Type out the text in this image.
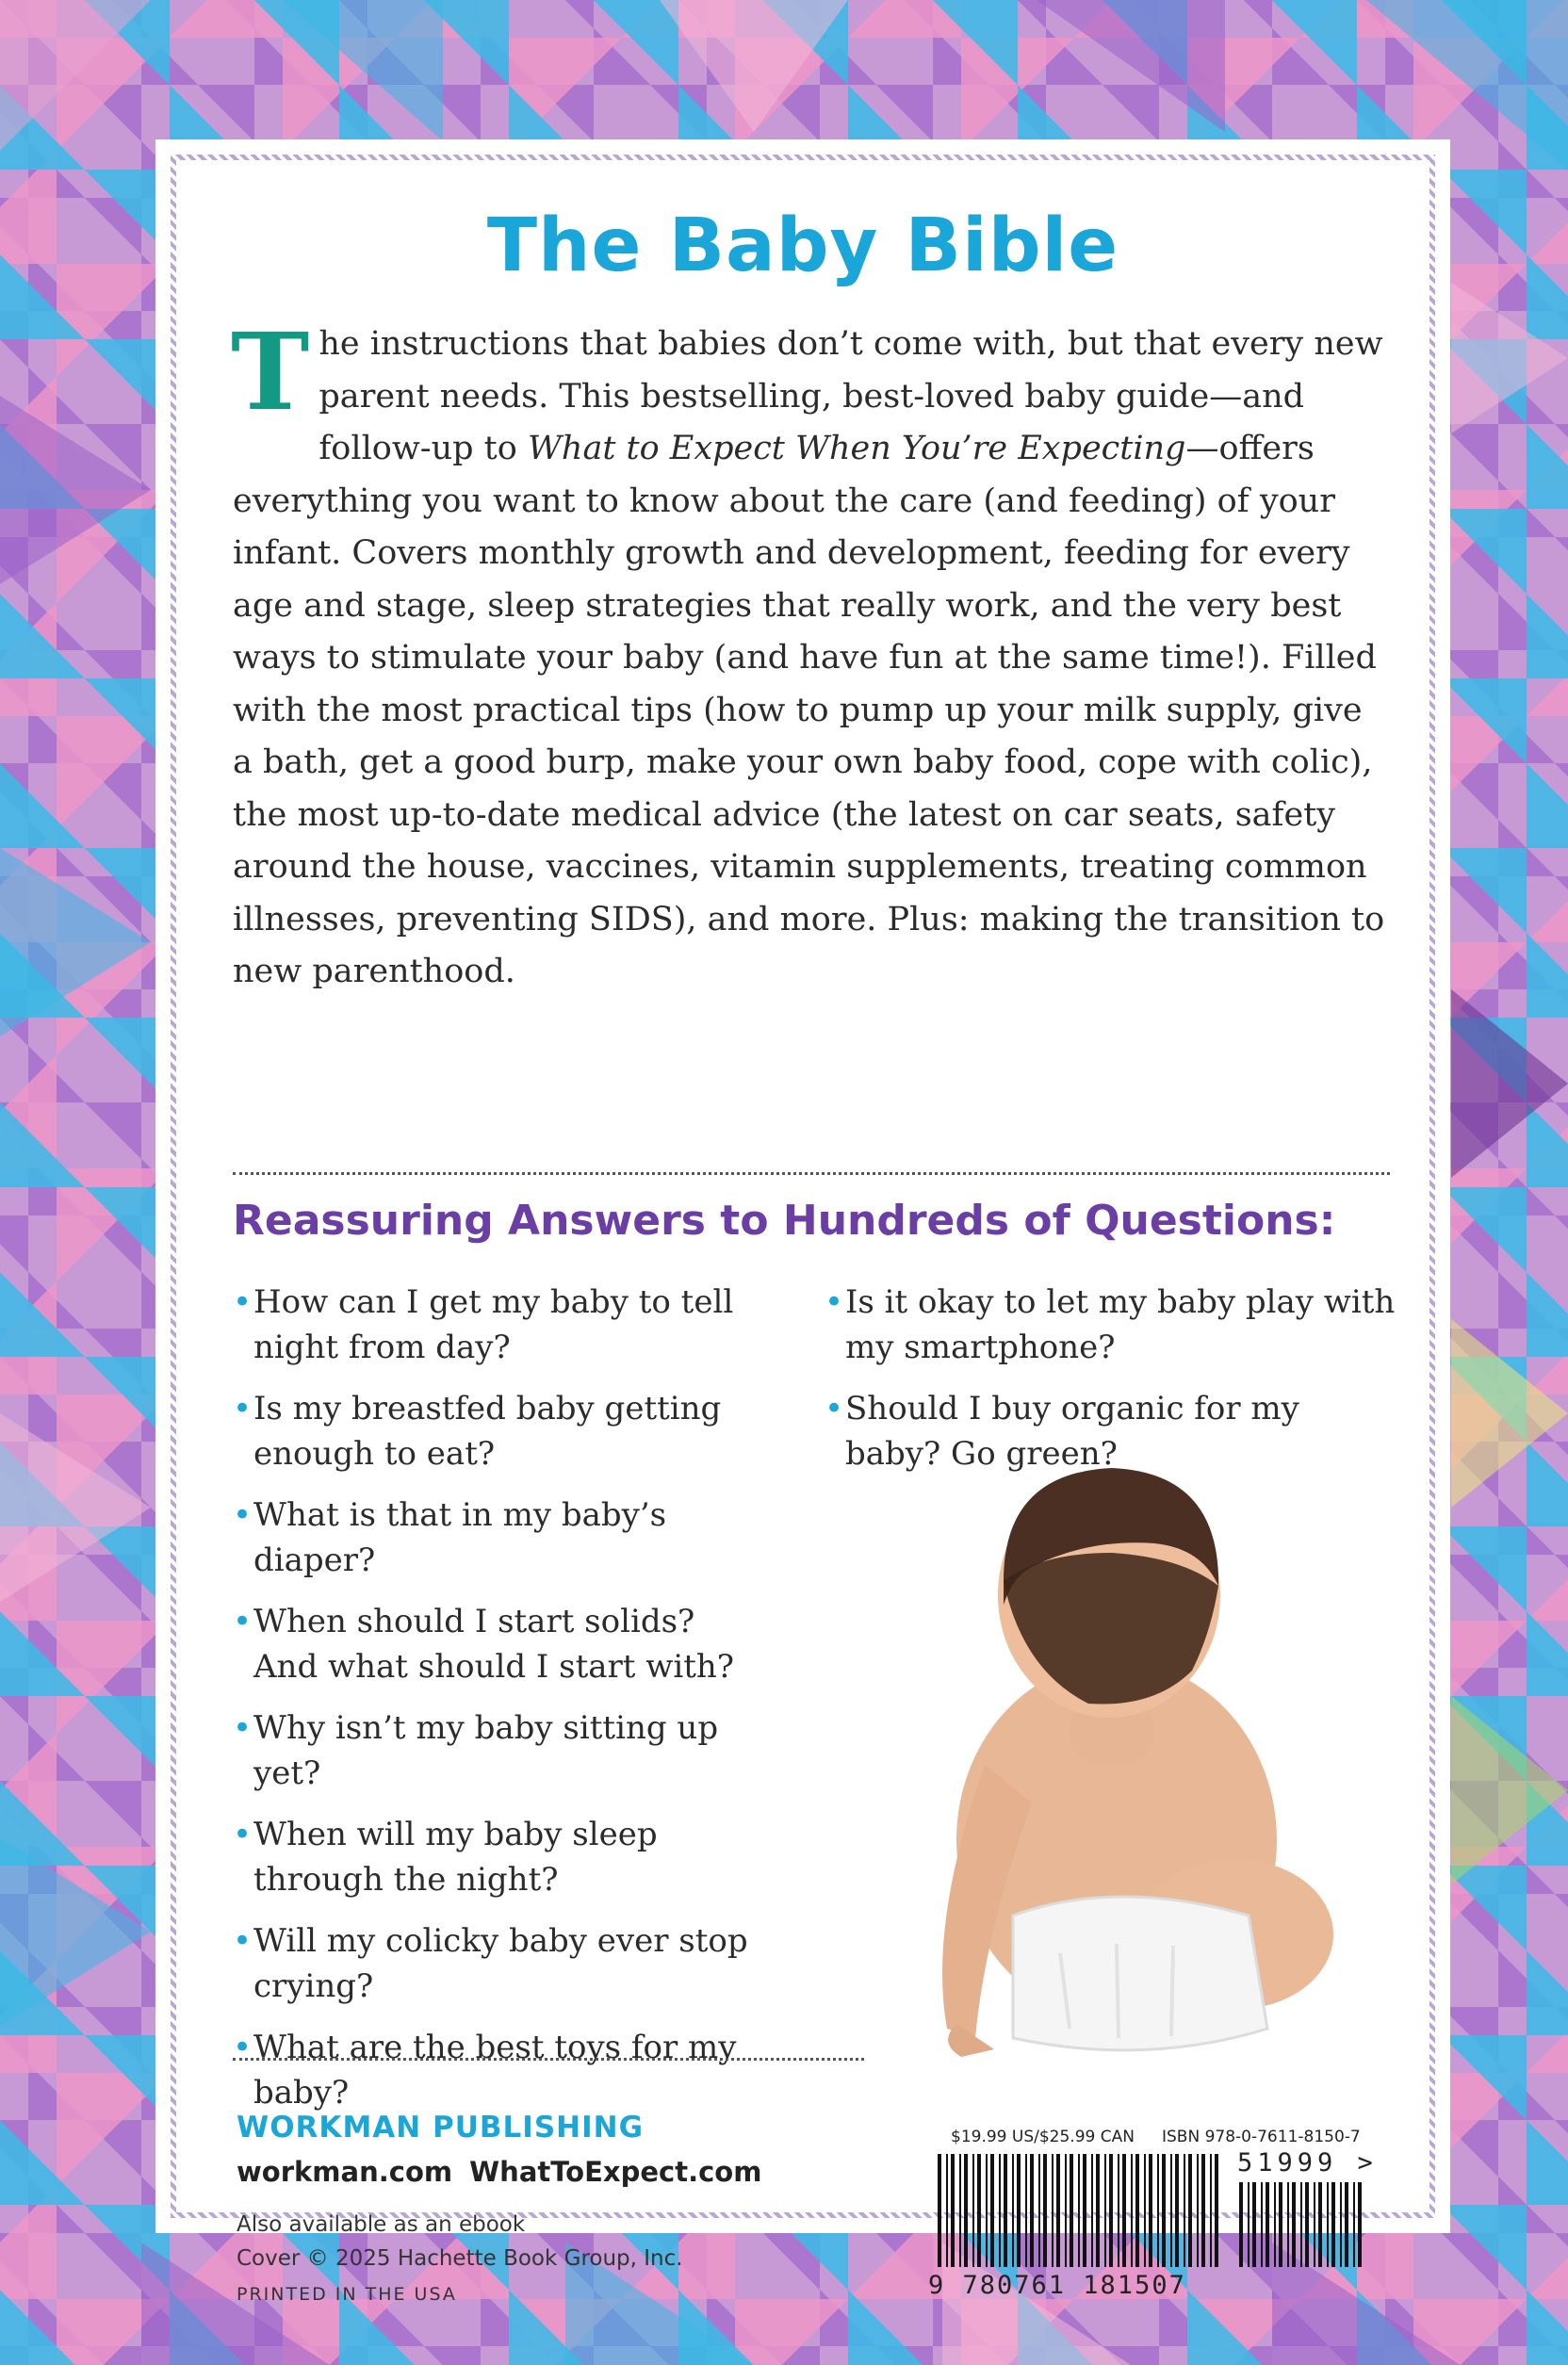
The Baby Bible
The instructions that babies don’t come with, but that every new parent needs. This bestselling, best-loved baby guide—and follow-up to What to Expect When You’re Expecting—offers everything you want to know about the care (and feeding) of your infant. Covers monthly growth and development, feeding for every age and stage, sleep strategies that really work, and the very best ways to stimulate your baby (and have fun at the same time!). Filled with the most practical tips (how to pump up your milk supply, give a bath, get a good burp, make your own baby food, cope with colic), the most up-to-date medical advice (the latest on car seats, safety around the house, vaccines, vitamin supplements, treating common illnesses, preventing SIDS), and more. Plus: making the transition to new parenthood.
Reassuring Answers to Hundreds of Questions:
• How can I get my baby to tell night from day?
• Is my breastfed baby getting enough to eat?
• What is that in my baby’s diaper?
• When should I start solids? And what should I start with?
• Why isn’t my baby sitting up yet?
• When will my baby sleep through the night?
• Will my colicky baby ever stop crying?
• What are the best toys for my baby?
• Is it okay to let my baby play with my smartphone?
• Should I buy organic for my baby? Go green?
WORKMAN PUBLISHING
workman.com WhatToExpect.com
Also available as an ebook
Cover © 2025 Hachette Book Group, Inc.
PRINTED IN THE USA
$19.99 US/$25.99 CAN ISBN 978-0-7611-8150-7
51999 >
9 780761 181507
